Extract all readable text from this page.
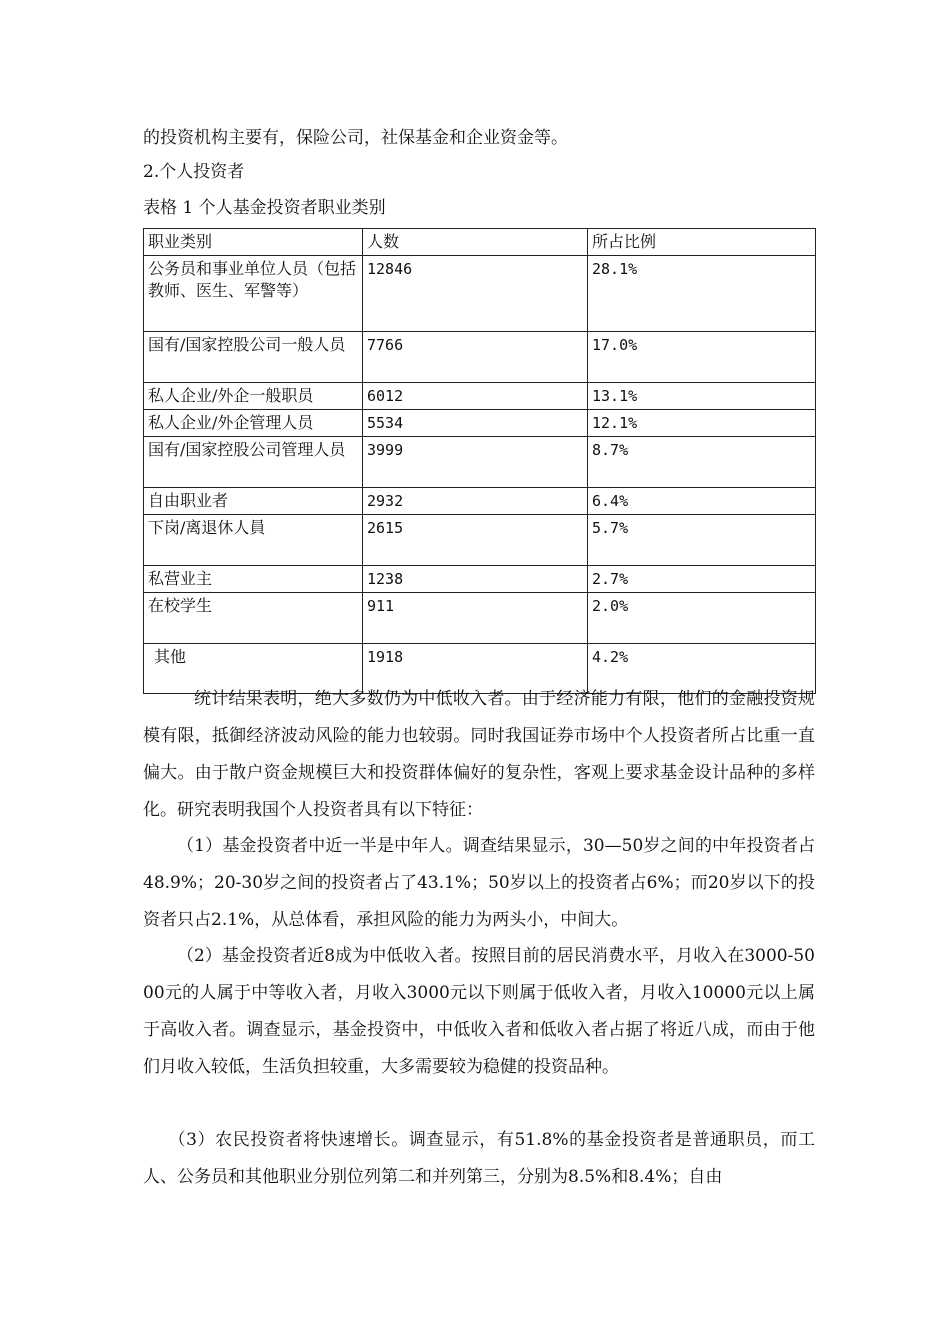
的投资机构主要有，保险公司，社保基金和企业资金等。
2.个人投资者
表格 1 个人基金投资者职业类别
职业类别	人数	所占比例
公务员和事业单位人员（包括教师、医生、军警等）	12846	28.1%
国有/国家控股公司一般人员	7766	17.0%
私人企业/外企一般职员	6012	13.1%
私人企业/外企管理人员	5534	12.1%
国有/国家控股公司管理人员	3999	8.7%
自由职业者	2932	6.4%
下岗/离退休人員	2615	5.7%
私营业主	1238	2.7%
在校学生	911	2.0%
其他	1918	4.2%
统计结果表明，绝大多数仍为中低收入者。由于经济能力有限，他们的金融投资规模有限，抵御经济波动风险的能力也较弱。同时我国证券市场中个人投资者所占比重一直偏大。由于散户资金规模巨大和投资群体偏好的复杂性，客观上要求基金设计品种的多样化。研究表明我国个人投资者具有以下特征：
（1）基金投资者中近一半是中年人。调查结果显示，30—50岁之间的中年投资者占48.9%；20-30岁之间的投资者占了43.1%；50岁以上的投资者占6%；而20岁以下的投资者只占2.1%，从总体看，承担风险的能力为两头小，中间大。
（2）基金投资者近8成为中低收入者。按照目前的居民消费水平，月收入在3000-5000元的人属于中等收入者，月收入3000元以下则属于低收入者，月收入10000元以上属于高收入者。调查显示，基金投资中，中低收入者和低收入者占据了将近八成，而由于他们月收入较低，生活负担较重，大多需要较为稳健的投资品种。
（3）农民投资者将快速增长。调查显示，有51.8%的基金投资者是普通职员，而工人、公务员和其他职业分别位列第二和并列第三，分别为8.5%和8.4%；自由
